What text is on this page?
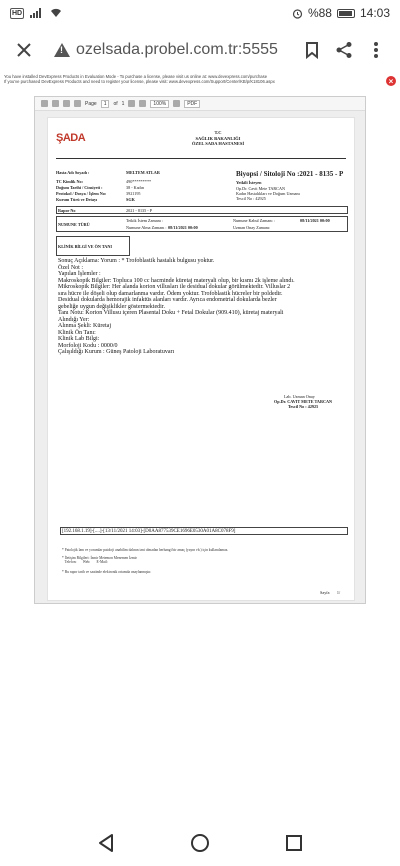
HD	%88 14:03
!
ozelsada.probel.com.tr:5555
You have installed DevExpress Products in Evaluation Mode - To purchase a license, please visit us online at: www.devexpress.com/purchase
If you've purchased DevExpress Products and need to register your license, please visit: www.devexpress.com/Support/Center/KB/p/K18106.aspx	×
Page	1	of 1	100%	PDF
ŞADA	T.C
SAĞLIK BAKANLIĞI
ÖZEL SADA HASTANESİ
Hasta Adı Soyadı :	MELTEM ATLAR
TC Kimlik No:	490*********
Doğum Tarihi / Cinsiyeti :	38 - Kadın
Protokol / Dosya / İşlem No:	3921195
Kurum Türü ve Detayı	SGK
Biyopsi / Sitoloji No :2021 - 8135 - P
Yetkili İsteyen
Op.Dr. Cavit Mete TARCAN
Kadın Hastalıkları ve Doğum Uzmanı
Tescil No : 42925
Rapor No	2021 - 8135 - P
NUMUNE TÜRÜ
Tetkik İstem Zamanı :	Numune Kabul Zamanı :	08/11/2021 00:00
Numune Alma Zamanı : 08/11/2021 00:00	Uzman Onay Zamanı:
KLİNİK BİLGİ VE ÖN TANI
Sonuç Açıklama: Yorum : * Trofoblastik hastalık bulgusu yoktur.
Özel Not :
Yapılan İşlemler :
Makroskopik Bilgiler: Topluca 100 cc hacminde küretaj materyali olup, bir kısmı 2k işleme alındı.
Mikroskopik Bilgiler: Her alanda korion villusları ile desidual dokular görülmektedir. Villuslar 2
sıra hücre ile döşeli olup damarlanma vardır. Ödem yoktur. Trofoblastik hücreler bir poldedir.
Desidual dokularda hemorajik infaktüs alanları vardır. Ayrıca endometrial dokularda bezler
gebeliğe uygun değişiklikler göstermektedir.
Tanı Notu: Korion Villusu içeren Plasental Doku + Fetal Dokular (909.410), küretaj materyali
Alındığı Yer:
Alınma Şekli: Küretaj
Klinik Ön Tanı:
Klinik Lab Bilgi:
Morfoloji Kodu : 0000/0
Çalışıldığı Kurum : Güneş Patoloji Laboratuvarı
Lab. Uzman Onay
Op.Dr. CAVIT METE TARCAN
Tescil No : 42925
[192.168.1.19]-[....]-[13/11/2021 14:03]-[D0AA877539CE1696E0530A01A8C078F9]
* Patolojik lam ve yorumlar patoloji anabilim dalının izni olmadan herhangi bir amaç (yayın vb.) için kullanılamaz.
* İletişim Bilgileri: İzmir Metemon Menemen İzmir
Telefon:       Web:       E-Mail:
* Bu rapor tarih ve saatinde elektronik ortamda onaylanmıştır.
Sayfa       1/
